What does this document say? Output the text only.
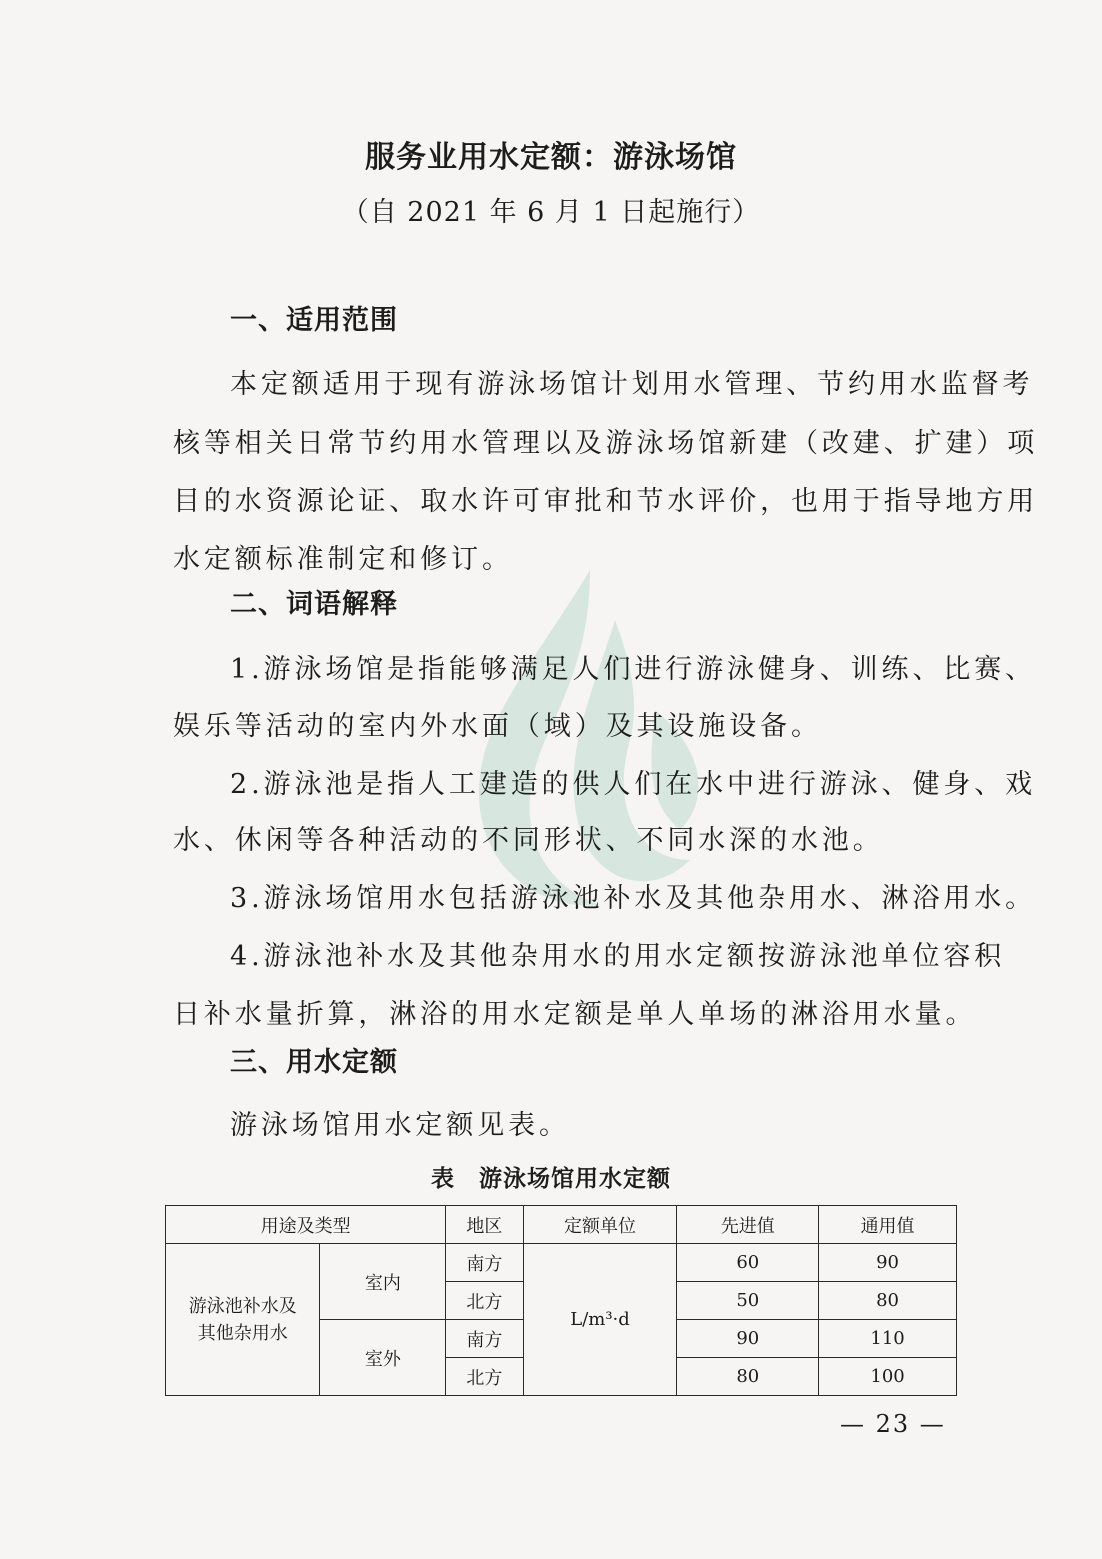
服务业用水定额：游泳场馆
（自 2021 年 6 月 1 日起施行）
一、适用范围
本定额适用于现有游泳场馆计划用水管理、节约用水监督考
核等相关日常节约用水管理以及游泳场馆新建（改建、扩建）项
目的水资源论证、取水许可审批和节水评价，也用于指导地方用
水定额标准制定和修订。
二、词语解释
1.游泳场馆是指能够满足人们进行游泳健身、训练、比赛、
娱乐等活动的室内外水面（域）及其设施设备。
2.游泳池是指人工建造的供人们在水中进行游泳、健身、戏
水、休闲等各种活动的不同形状、不同水深的水池。
3.游泳场馆用水包括游泳池补水及其他杂用水、淋浴用水。
4.游泳池补水及其他杂用水的用水定额按游泳池单位容积
日补水量折算，淋浴的用水定额是单人单场的淋浴用水量。
三、用水定额
游泳场馆用水定额见表。
表　游泳场馆用水定额
用途及类型		地区	定额单位	先进值	通用值
游泳池补水及
其他杂用水	室内	南方	L/m³·d	60	90
		北方		50	80
	室外	南方		90	110
		北方		80	100
— 23 —
